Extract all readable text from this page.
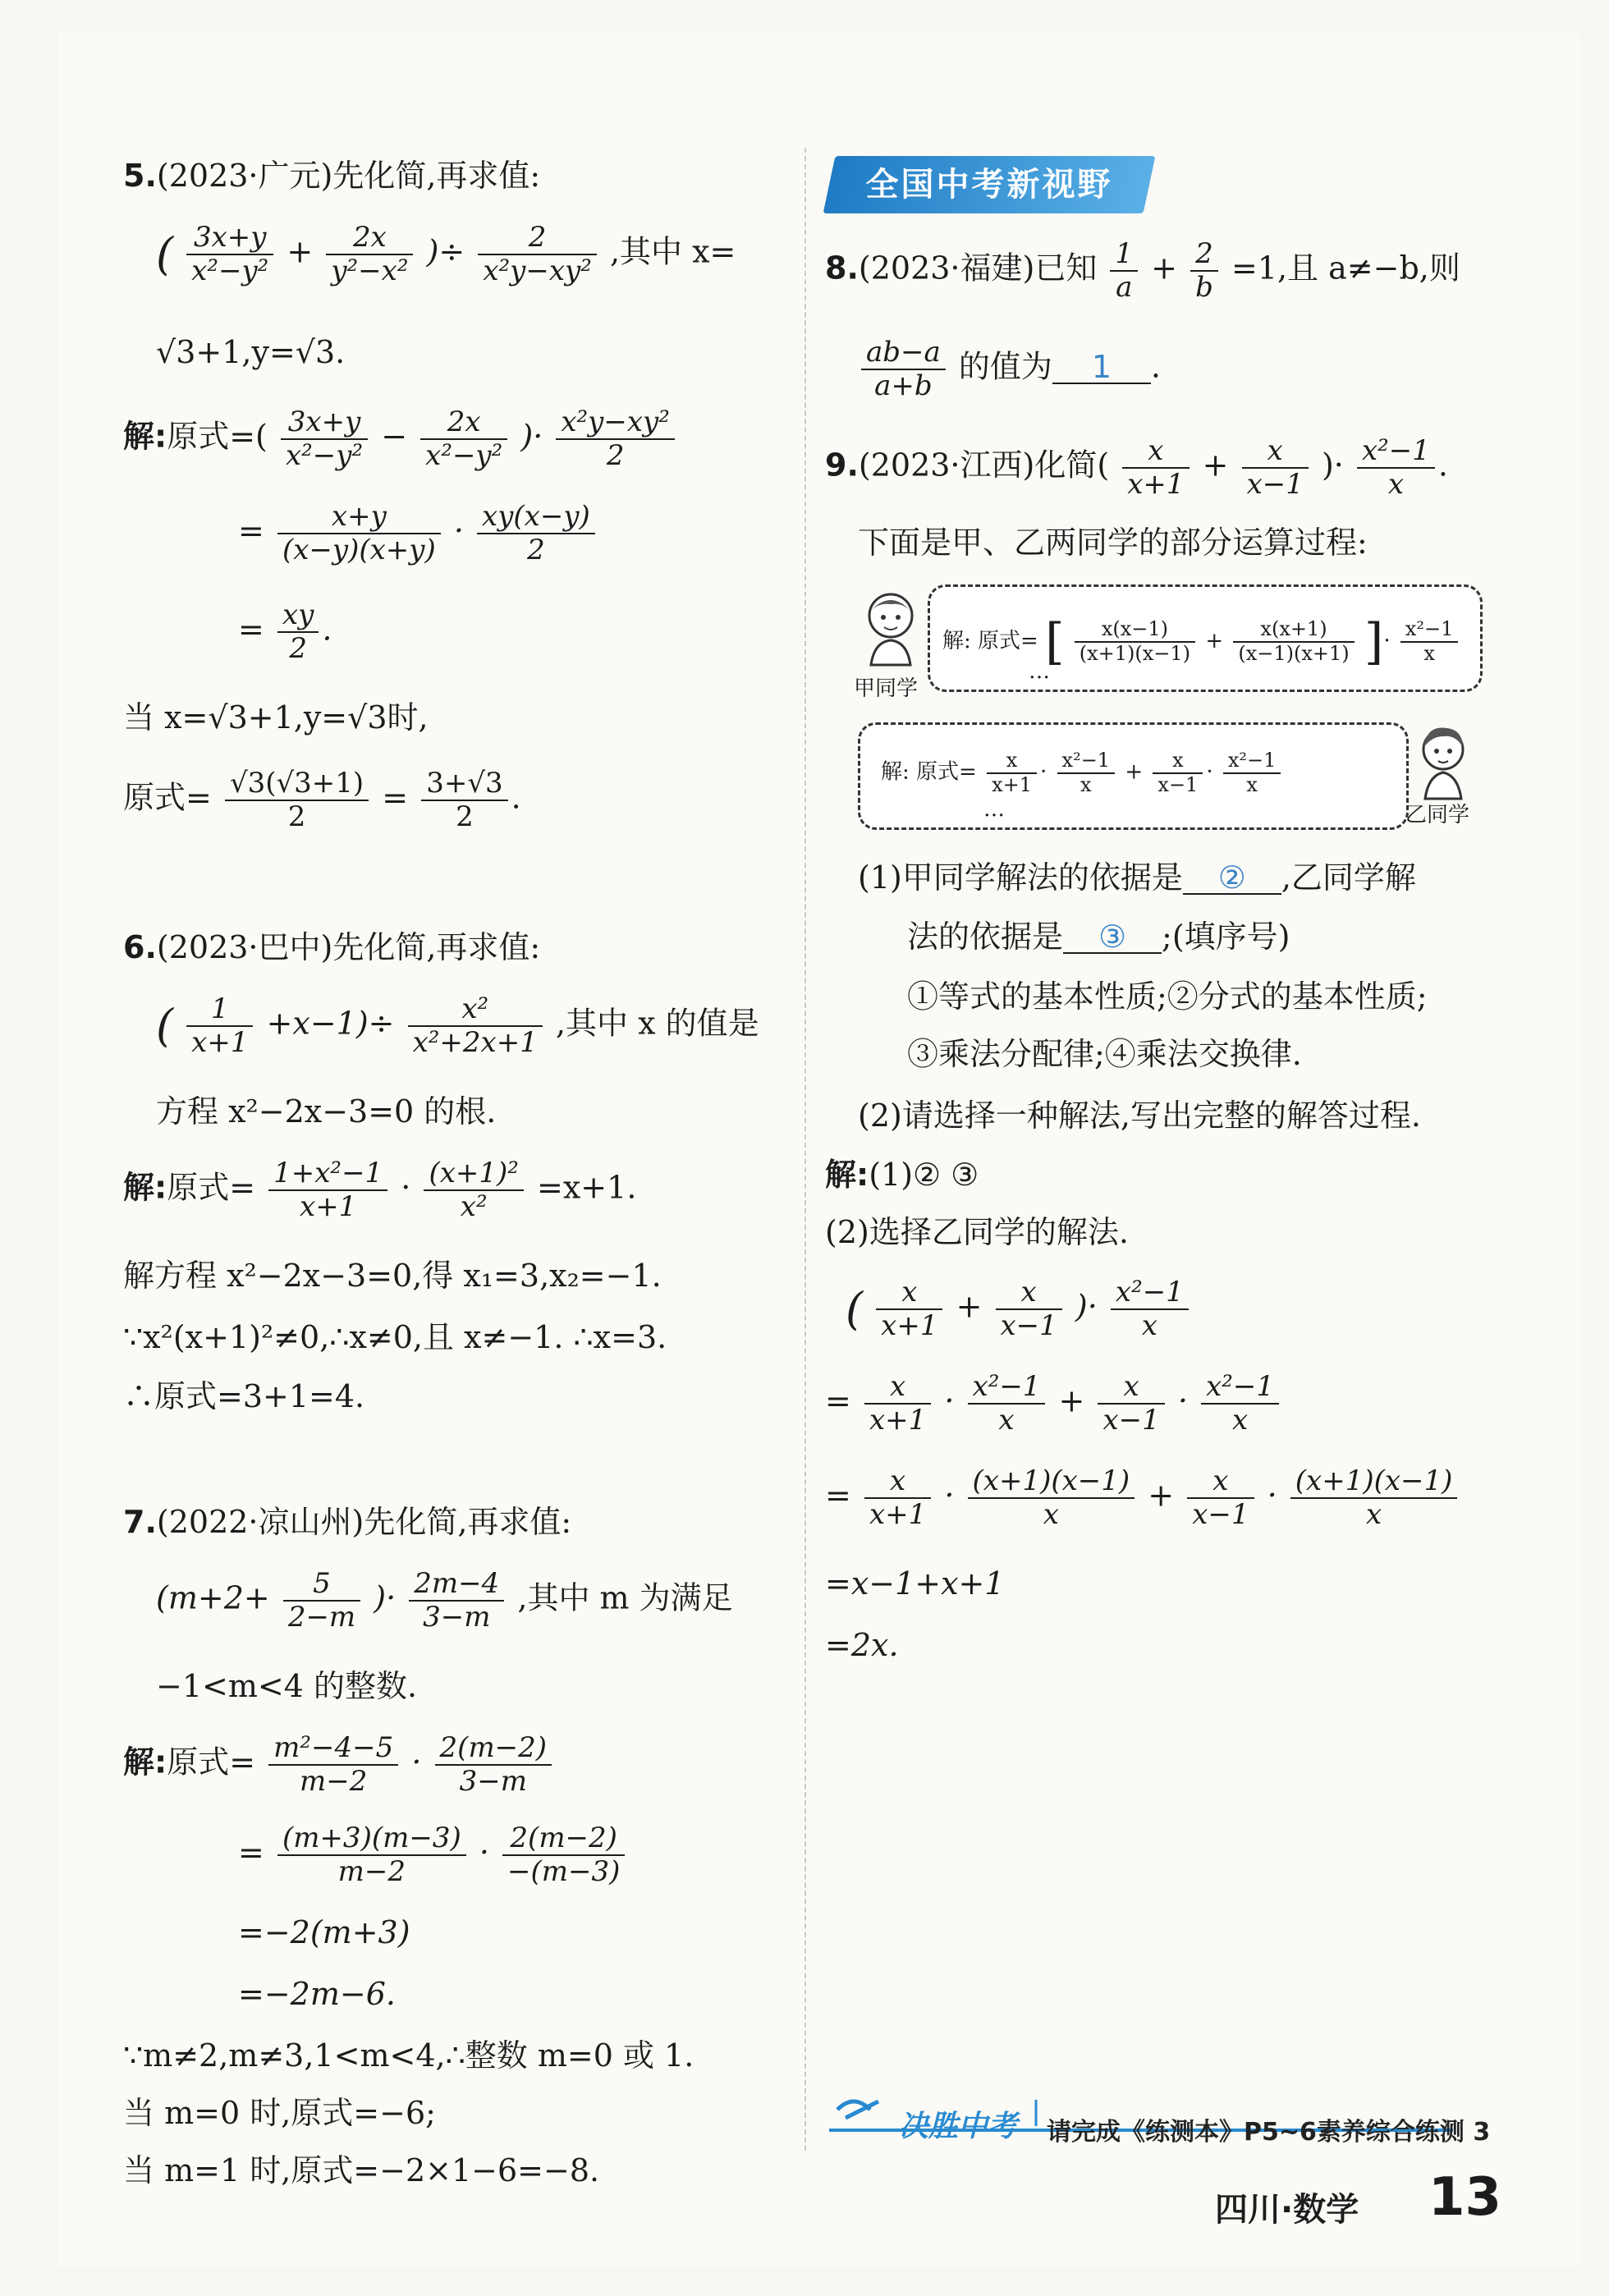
5.(2023·广元)先化简,再求值:
( $\frac{3x+y}{\text{x²−y²}} + \frac{2x}{\text{y²−x²}}$ )÷ $\frac{2}{\text{x²y−xy²}}$ ,其中 x=
√3+1,y=√3.
解:原式=( $\frac{3x+y}{\text{x²−y²}} - \frac{2x}{\text{x²−y²}}$ )· $\frac{\text{x²y−xy²}}{2}$
= $\frac{x+y}{(x-y)(x+y)} \cdot \frac{xy(x-y)}{2}$
= $\frac{xy}{2}$ .
当 x=√3+1,y=√3时,
原式= $\frac{√3(√3+1)}{2} = \frac{3+√3}{2}$ .
6.(2023·巴中)先化简,再求值:
( $\frac{1}{x+1} +x-1)\div \frac{\text{x²}}{\text{x²+2x+1}}$ ,其中 x 的值是
方程 x²−2x−3=0 的根.
解:原式= $\frac{\text{1+x²−1}}{x+1} \cdot \frac{\text{(x+1)²}}{\text{x²}} =x+1$.
解方程 x²−2x−3=0,得 x₁=3,x₂=−1.
∵x²(x+1)²≠0,∴x≠0,且 x≠−1. ∴x=3.
∴原式=3+1=4.
7.(2022·凉山州)先化简,再求值:
($m+2+ \frac{5}{2-m}$ )· $\frac{2m-4}{3-m}$ ,其中 m 为满足
−1<m<4 的整数.
解:原式= $\frac{\text{m²−4−5}}{m-2} \cdot \frac{2(m-2)}{3-m}$
= $\frac{(m+3)(m-3)}{m-2} \cdot \frac{2(m-2)}{-(m-3)}$
=−2(m+3)
=−2m−6.
∵m≠2,m≠3,1<m<4,∴整数 m=0 或 1.
当 m=0 时,原式=−6;
当 m=1 时,原式=−2×1−6=−8.
全国中考新视野
8.(2023·福建)已知 $\frac{1}{a} + \frac{2}{b} =1$,且 a≠−b,则
$\frac{ab-a}{a+b}$ 的值为 1 .
9.(2023·江西)化简( $\frac{x}{x+1} + \frac{x}{x-1}$ )· $\frac{\text{x²−1}}{x}$ .
下面是甲、乙两同学的部分运算过程:
甲同学
解: 原式= [ $\frac{x(x-1)}{(x+1)(x-1)} + \frac{x(x+1)}{(x-1)(x+1)}$ ]· $\frac{\text{x²−1}}{x}$
…
解: 原式= $\frac{x}{x+1} \cdot \frac{\text{x²−1}}{x} + \frac{x}{x-1} \cdot \frac{\text{x²−1}}{x}$
…	乙同学
(1)甲同学解法的依据是 ② ,乙同学解
法的依据是 ③ ;(填序号)
①等式的基本性质;②分式的基本性质;
③乘法分配律;④乘法交换律.
(2)请选择一种解法,写出完整的解答过程.
解:(1)② ③
(2)选择乙同学的解法.
( $\frac{x}{x+1} + \frac{x}{x-1}$ )· $\frac{\text{x²−1}}{x}$
= $\frac{x}{x+1} \cdot \frac{\text{x²−1}}{x} + \frac{x}{x-1} \cdot \frac{\text{x²−1}}{x}$
= $\frac{x}{x+1} \cdot \frac{(x+1)(x-1)}{x} + \frac{x}{x-1} \cdot \frac{(x+1)(x-1)}{x}$
=x−1+x+1
=2x.
决胜中考 请完成《练测本》P5~6素养综合练测 3
四川·数学 13
